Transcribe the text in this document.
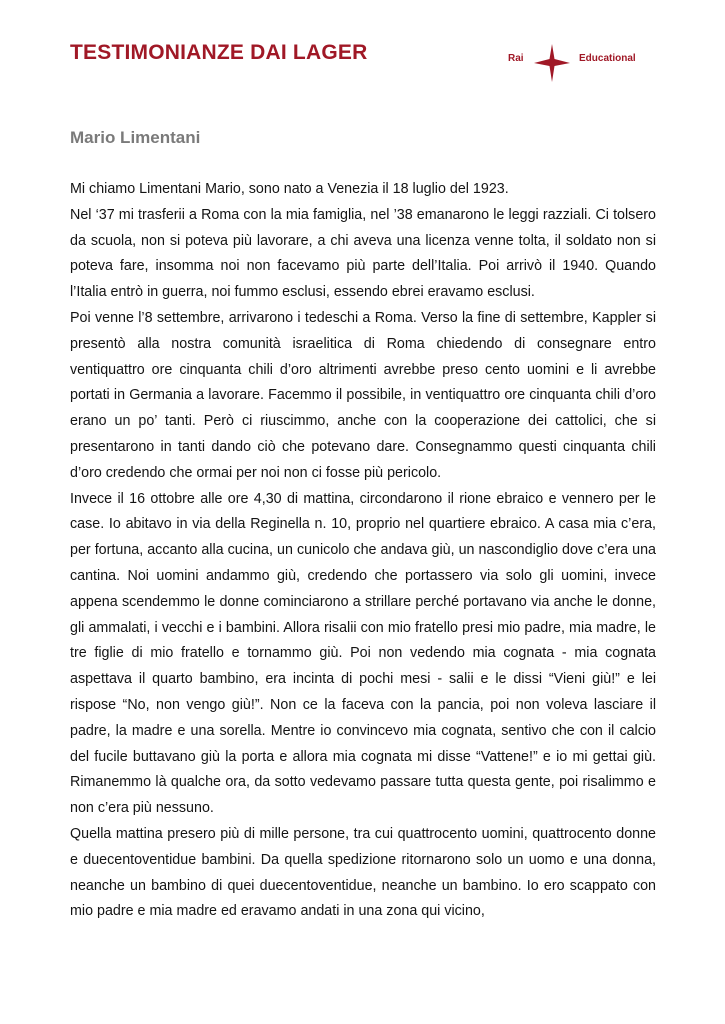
TESTIMONIANZE DAI LAGER	Rai	Educational
Mario Limentani

Mi chiamo Limentani Mario, sono nato a Venezia il 18 luglio del 1923.

Nel ‘37 mi trasferii a Roma con la mia famiglia, nel ’38 emanarono le leggi razziali. Ci tolsero da scuola, non si poteva più lavorare, a chi aveva una licenza venne tolta, il soldato non si poteva fare, insomma noi non facevamo più parte dell’Italia. Poi arrivò il 1940. Quando l’Italia entrò in guerra, noi fummo esclusi, essendo ebrei eravamo esclusi.

Poi venne l’8 settembre, arrivarono i tedeschi a Roma. Verso la fine di settembre, Kappler si presentò alla nostra comunità israelitica di Roma chiedendo di consegnare entro ventiquattro ore cinquanta chili d’oro altrimenti avrebbe preso cento uomini e li avrebbe portati in Germania a lavorare. Facemmo il possibile, in ventiquattro ore cinquanta chili d’oro erano un po’ tanti. Però ci riuscimmo, anche con la cooperazione dei cattolici, che si presentarono in tanti dando ciò che potevano dare. Consegnammo questi cinquanta chili d’oro credendo che ormai per noi non ci fosse più pericolo.

Invece il 16 ottobre alle ore 4,30 di mattina, circondarono il rione ebraico e vennero per le case. Io abitavo in via della Reginella n. 10, proprio nel quartiere ebraico. A casa mia c’era, per fortuna, accanto alla cucina, un cunicolo che andava giù, un nascondiglio dove c’era una cantina. Noi uomini andammo giù, credendo che portassero via solo gli uomini, invece appena scendemmo le donne cominciarono a strillare perché portavano via anche le donne, gli ammalati, i vecchi e i bambini. Allora risalii con mio fratello presi mio padre, mia madre, le tre figlie di mio fratello e tornammo giù. Poi non vedendo mia cognata - mia cognata aspettava il quarto bambino, era incinta di pochi mesi - salii e le dissi “Vieni giù!” e lei rispose “No, non vengo giù!”. Non ce la faceva con la pancia, poi non voleva lasciare il padre, la madre e una sorella. Mentre io convincevo mia cognata, sentivo che con il calcio del fucile buttavano giù la porta e allora mia cognata mi disse “Vattene!” e io mi gettai giù. Rimanemmo là qualche ora, da sotto vedevamo passare tutta questa gente, poi risalimmo e non c’era più nessuno.

Quella mattina presero più di mille persone, tra cui quattrocento uomini, quattrocento donne e duecentoventidue bambini. Da quella spedizione ritornarono solo un uomo e una donna, neanche un bambino di quei duecentoventidue, neanche un bambino. Io ero scappato con mio padre e mia madre ed eravamo andati in una zona qui vicino,
